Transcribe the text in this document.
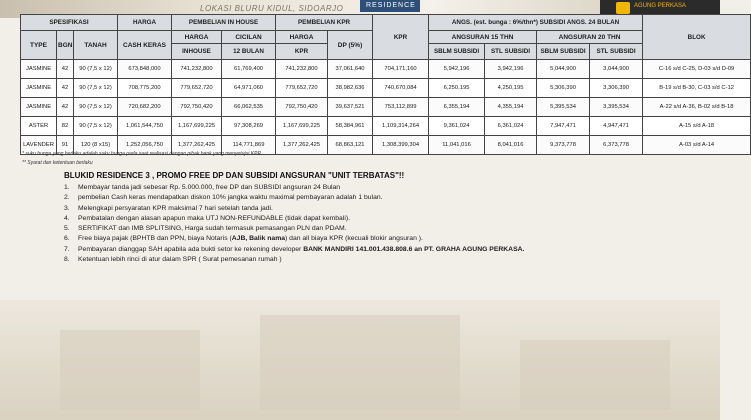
LOKASI BLURU KIDUL, SIDOARJO	RESIDENCE	AGUNG PERKASA
SPESIFIKASI			HARGA	PEMBELIAN IN HOUSE		PEMBELIAN KPR		KPR	ANGS. (est. bunga : 6%/thn*) SUBSIDI ANGS. 24 BULAN				BLOK
TYPE	BGN	TANAH	CASH KERAS	HARGA	CICILAN	HARGA	DP (5%)		ANGSURAN 15 THN		ANGSURAN 20 THN		
				INHOUSE	12 BULAN	KPR			SBLM SUBSIDI	STL SUBSIDI	SBLM SUBSIDI	STL SUBSIDI	
JASMINE	42	90 (7,5 x 12)	673,848,000	741,232,800	61,769,400	741,232,800	37,061,640	704,171,160	5,942,196	3,942,196	5,044,900	3,044,900	C-16 s/d C-25, D-03 s/d D-09
JASMINE	42	90 (7,5 x 12)	708,775,200	779,652,720	64,971,060	779,652,720	38,982,636	740,670,084	6,250,195	4,250,195	5,306,390	3,306,390	B-19 s/d B-30, C-03 s/d C-12
JASMINE	42	90 (7,5 x 12)	720,682,200	792,750,420	66,062,535	792,750,420	39,637,521	753,112,899	6,355,194	4,355,194	5,395,534	3,395,534	A-22 s/d A-36, B-02 s/d B-18
ASTER	82	90 (7,5 x 12)	1,061,544,750	1,167,699,225	97,308,269	1,167,699,225	58,384,961	1,109,314,264	9,361,024	6,361,024	7,947,471	4,947,471	A-15 s/d A-18
LAVENDER	91	120 (8 x15)	1,252,056,750	1,377,262,425	114,771,869	1,377,262,425	68,863,121	1,308,399,304	11,041,016	8,041,016	9,373,778	6,373,778	A-03 s/d A-14
* suku bunga yang berlaku adalah suku bunga pada saat realisasi dengan pihak bank yang menyetujui KPR.
** Syarat dan ketentuan berlaku
BLUKID RESIDENCE 3 , PROMO FREE DP DAN SUBSIDI ANGSURAN "UNIT TERBATAS"!!
1.	Membayar tanda jadi sebesar Rp. 5.000.000, free DP dan SUBSIDI angsuran 24 Bulan
2.	pembelian Cash keras mendapatkan diskon 10% jangka waktu maximal pembayaran adalah 1 bulan.
3.	Melengkapi persyaratan KPR maksimal 7 hari setelah tanda jadi.
4.	Pembatalan dengan alasan apapun maka UTJ NON-REFUNDABLE (tidak dapat kembali).
5.	SERTIFIKAT dan IMB SPLITSING, Harga sudah termasuk pemasangan PLN dan PDAM.
6.	Free biaya pajak (BPHTB dan PPN, biaya Notaris (AJB, Balik nama) dan all biaya KPR (kecuali blokir angsuran ).
7.	Pembayaran dianggap SAH apabila ada bukti setor ke rekening developer BANK MANDIRI 141.001.438.808.6 an PT. GRAHA AGUNG PERKASA.
8.	Ketentuan lebih rinci di atur dalam SPR ( Surat pemesanan rumah )
